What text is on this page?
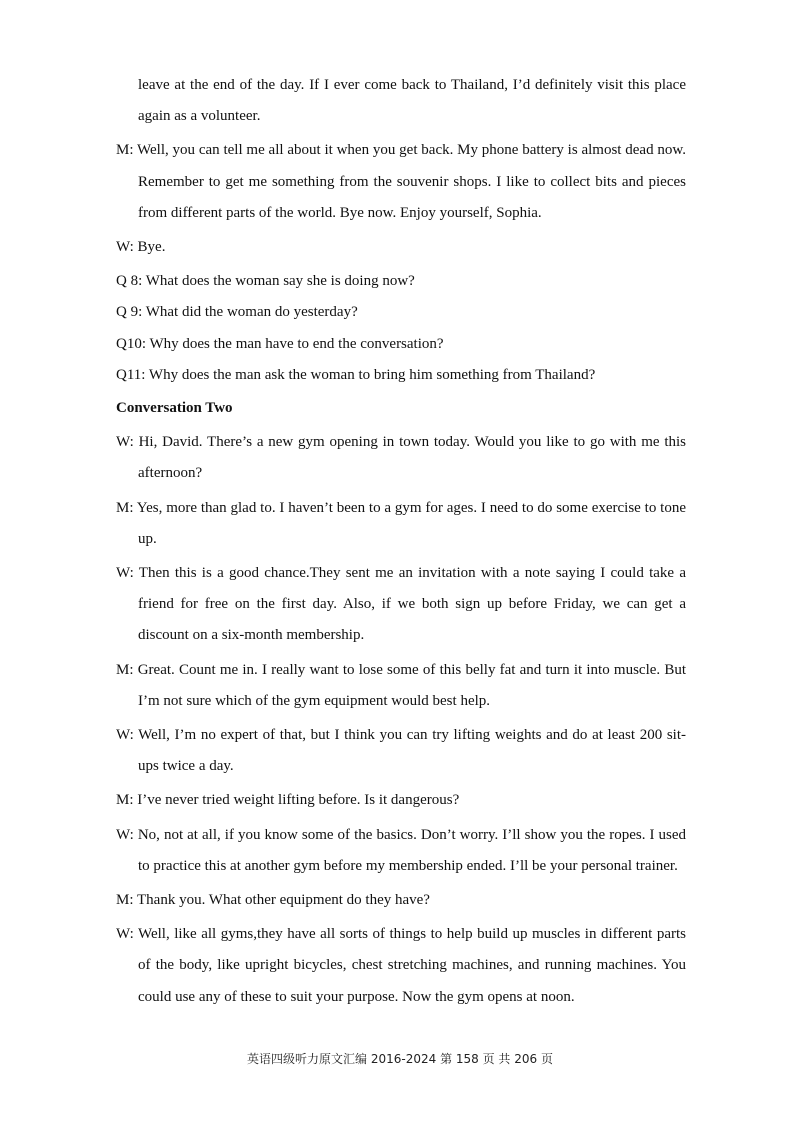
leave at the end of the day. If I ever come back to Thailand, I’d definitely visit this place again as a volunteer.

M: Well, you can tell me all about it when you get back. My phone battery is almost dead now. Remember to get me something from the souvenir shops. I like to collect bits and pieces from different parts of the world. Bye now. Enjoy yourself, Sophia.

W: Bye.

Q 8: What does the woman say she is doing now?

Q 9: What did the woman do yesterday?

Q10: Why does the man have to end the conversation?

Q11: Why does the man ask the woman to bring him something from Thailand?

Conversation Two

W: Hi, David. There’s a new gym opening in town today. Would you like to go with me this afternoon?

M: Yes, more than glad to. I haven’t been to a gym for ages. I need to do some exercise to tone up.

W: Then this is a good chance.They sent me an invitation with a note saying I could take a friend for free on the first day. Also, if we both sign up before Friday, we can get a discount on a six-month membership.

M: Great. Count me in. I really want to lose some of this belly fat and turn it into muscle. But I’m not sure which of the gym equipment would best help.

W: Well, I’m no expert of that, but I think you can try lifting weights and do at least 200 sit-ups twice a day.

M: I’ve never tried weight lifting before. Is it dangerous?

W: No, not at all, if you know some of the basics. Don’t worry. I’ll show you the ropes. I used to practice this at another gym before my membership ended. I’ll be your personal trainer.

M: Thank you. What other equipment do they have?

W: Well, like all gyms,they have all sorts of things to help build up muscles in different parts of the body, like upright bicycles, chest stretching machines, and running machines. You could use any of these to suit your purpose. Now the gym opens at noon.

英语四级听力原文汇编 2016-2024 第 158 页 共 206 页
